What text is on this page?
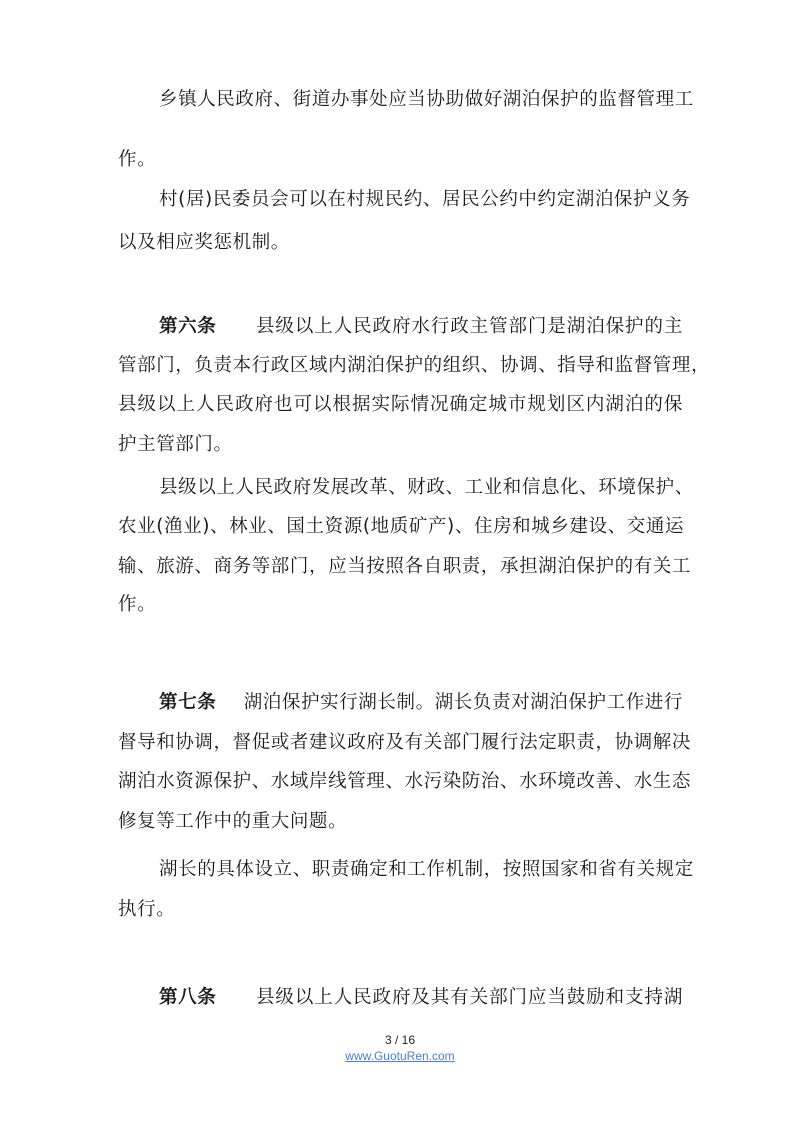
乡镇人民政府、街道办事处应当协助做好湖泊保护的监督管理工
作。
村(居)民委员会可以在村规民约、居民公约中约定湖泊保护义务
以及相应奖惩机制。
第六条	县级以上人民政府水行政主管部门是湖泊保护的主
管部门，负责本行政区域内湖泊保护的组织、协调、指导和监督管理，
县级以上人民政府也可以根据实际情况确定城市规划区内湖泊的保
护主管部门。
县级以上人民政府发展改革、财政、工业和信息化、环境保护、
农业(渔业)、林业、国土资源(地质矿产)、住房和城乡建设、交通运
输、旅游、商务等部门，应当按照各自职责，承担湖泊保护的有关工
作。
第七条	湖泊保护实行湖长制。湖长负责对湖泊保护工作进行
督导和协调，督促或者建议政府及有关部门履行法定职责，协调解决
湖泊水资源保护、水域岸线管理、水污染防治、水环境改善、水生态
修复等工作中的重大问题。
湖长的具体设立、职责确定和工作机制，按照国家和省有关规定
执行。
第八条	县级以上人民政府及其有关部门应当鼓励和支持湖
3 / 16
www.GuotuRen.com
